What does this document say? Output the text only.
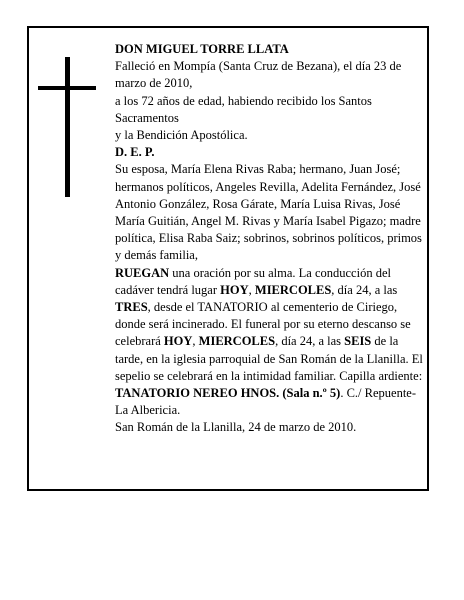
DON MIGUEL TORRE LLATA

Falleció en Mompía (Santa Cruz de Bezana), el día 23 de marzo de 2010,

a los 72 años de edad, habiendo recibido los Santos Sacramentos

y la Bendición Apostólica.

D. E. P.

Su esposa, María Elena Rivas Raba; hermano, Juan José; hermanos políticos, Angeles Revilla, Adelita Fernández, José Antonio González, Rosa Gárate, María Luisa Rivas, José María Guitián, Angel M. Rivas y María Isabel Pigazo; madre política, Elisa Raba Saiz; sobrinos, sobrinos políticos, primos y demás familia,

RUEGAN una oración por su alma. La conducción del cadáver tendrá lugar HOY, MIERCOLES, día 24, a las TRES, desde el TANATORIO al cementerio de Ciriego, donde será incinerado. El funeral por su eterno descanso se celebrará HOY, MIERCOLES, día 24, a las SEIS de la tarde, en la iglesia parroquial de San Román de la Llanilla. El sepelio se celebrará en la intimidad familiar. Capilla ardiente: TANATORIO NEREO HNOS. (Sala n.º 5). C./ Repuente-La Albericia.

San Román de la Llanilla, 24 de marzo de 2010.
